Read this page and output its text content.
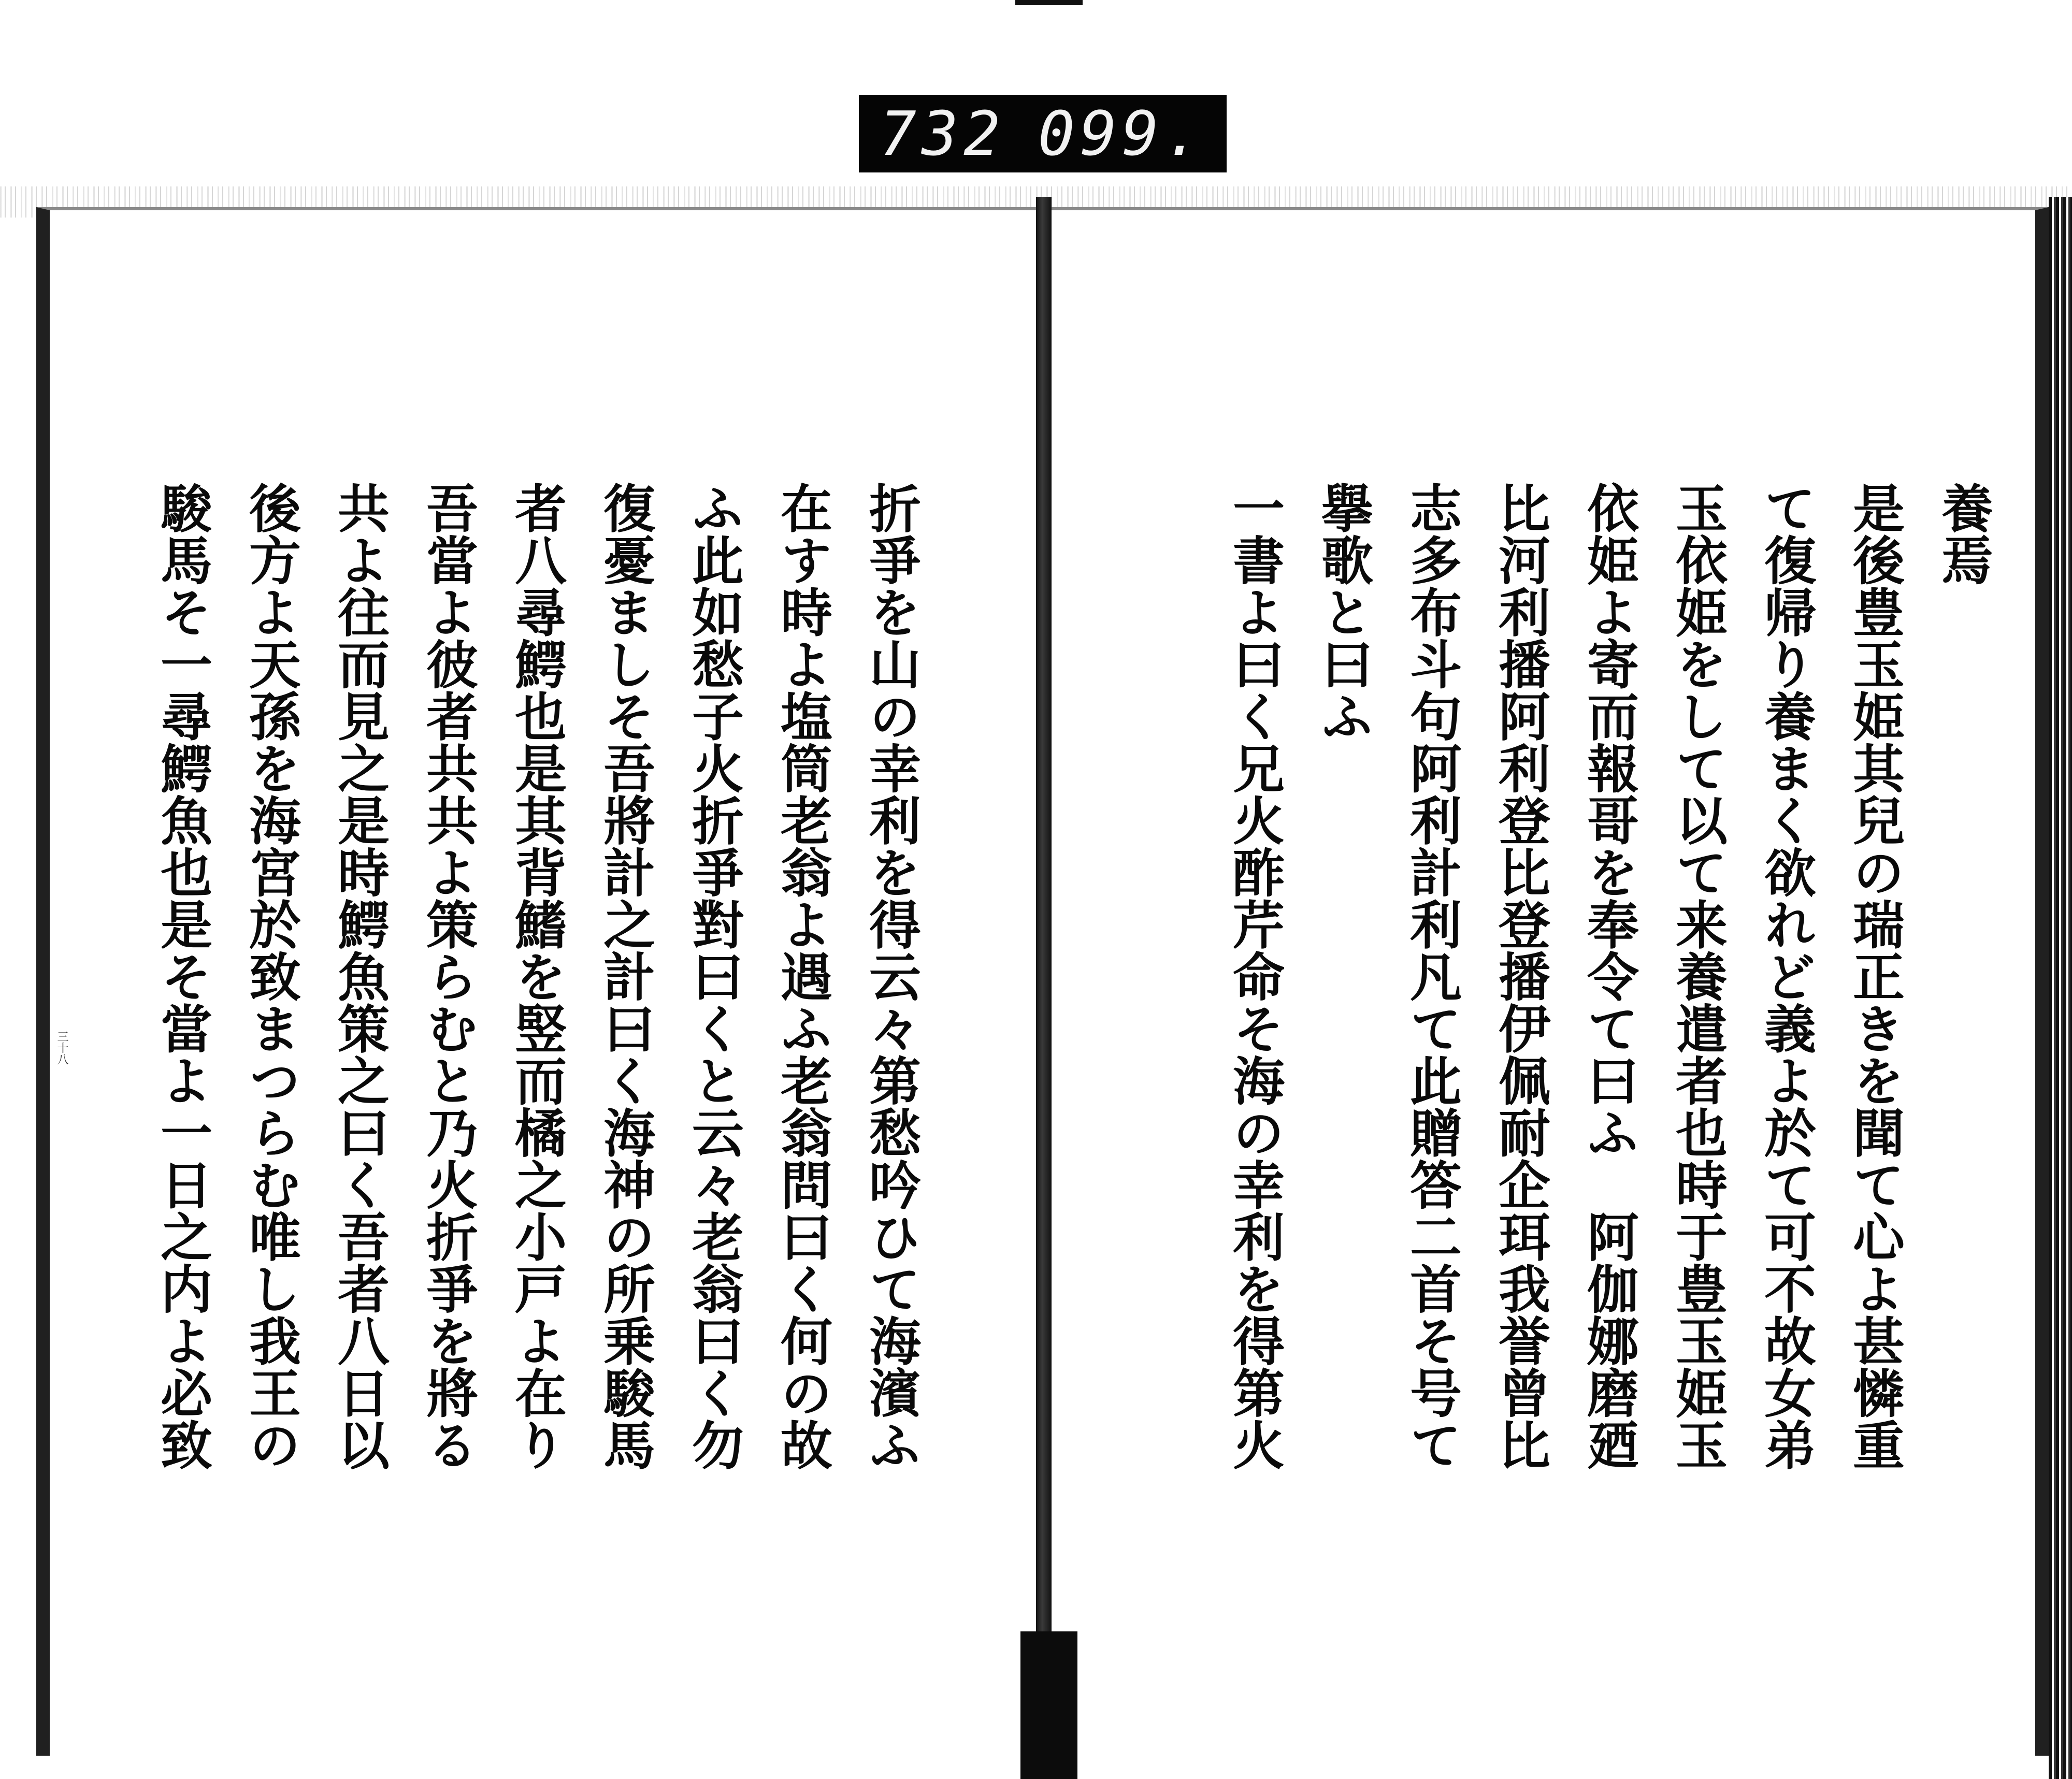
732 099.
三十八
養焉
是後豊玉姫其兒の瑞正きを聞て心よ甚憐重
て復帰り養まく欲れど義よ於て可不故女弟
玉依姫をして以て来養遣者也時于豊玉姫玉
依姫よ寄而報哥を奉令て曰ふ　阿伽娜磨廼
比河利播阿利登比登播伊佩耐企珥我誉曾比
志多布斗句阿利計利凡て此贈答二首そ号て
擧歌と曰ふ
一書よ曰く兄火酢芹命そ海の幸利を得第火
折爭を山の幸利を得云々第愁吟ひて海濱ふ
在す時よ塩筒老翁よ遇ふ老翁問曰く何の故
ふ此如愁子火折爭對曰くと云々老翁曰く勿
復憂ましそ吾將計之計曰く海神の所乗駿馬
者八尋鰐也是其背鰭を竪而橘之小戸よ在り
吾當よ彼者共共よ策らむと乃火折爭を將る
共よ往而見之是時鰐魚策之曰く吾者八日以
後方よ天孫を海宮於致まつらむ唯し我王の
駿馬そ一尋鰐魚也是そ當よ一日之内よ必致
